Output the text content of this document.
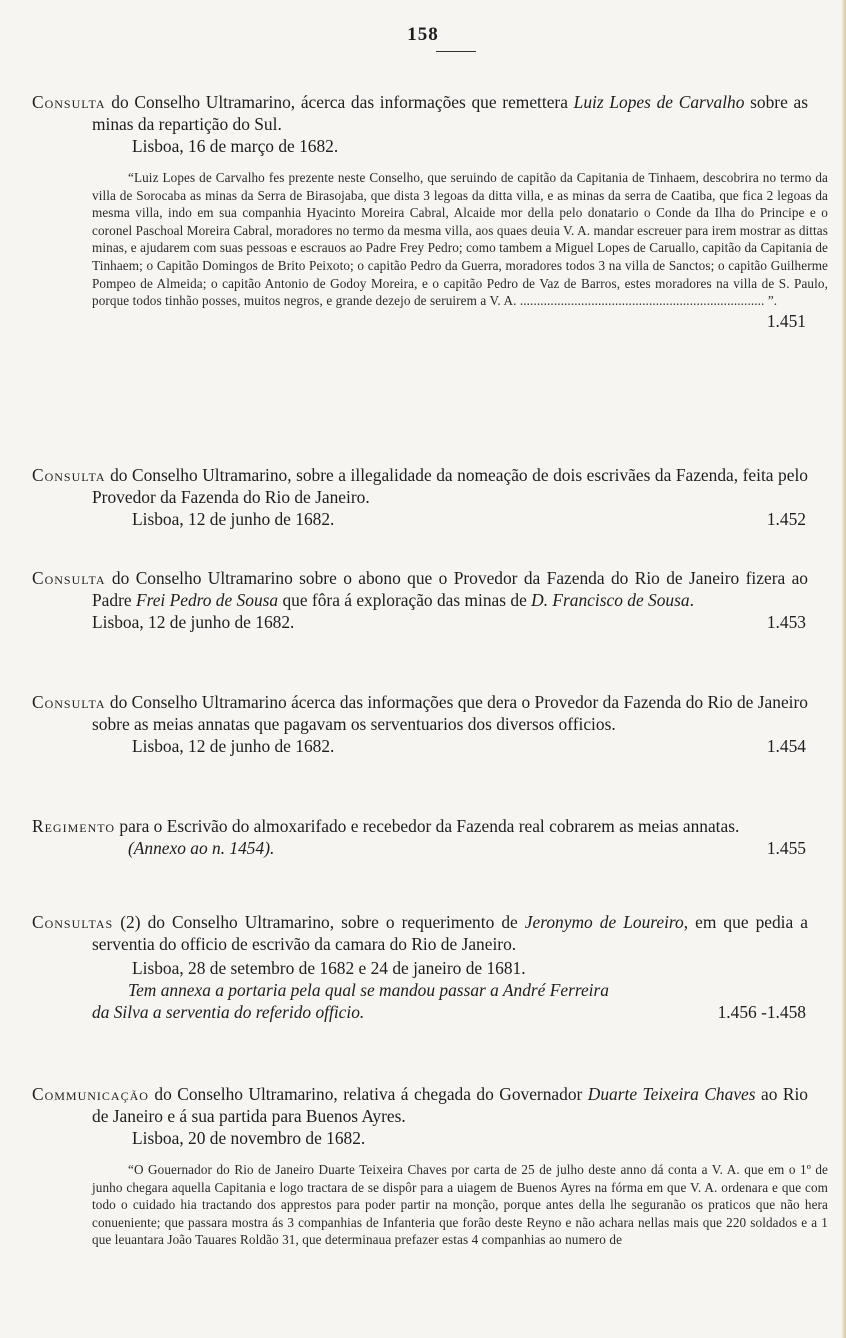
158

Consulta do Conselho Ultramarino, ácerca das informações que remettera Luiz Lopes de Carvalho sobre as minas da repartição do Sul.

Lisboa, 16 de março de 1682.
“Luiz Lopes de Carvalho fes prezente neste Conselho, que seruindo de capitão da Capitania de Tinhaem, descobrira no termo da villa de Sorocaba as minas da Serra de Birasojaba, que dista 3 legoas da ditta villa, e as minas da serra de Caatiba, que fica 2 legoas da mesma villa, indo em sua companhia Hyacinto Moreira Cabral, Alcaide mor della pelo donatario o Conde da Ilha do Principe e o coronel Paschoal Moreira Cabral, moradores no termo da mesma villa, aos quaes deuia V. A. mandar escreuer para irem mostrar as dittas minas, e ajudarem com suas pessoas e escrauos ao Padre Frey Pedro; como tambem a Miguel Lopes de Caruallo, capitão da Capitania de Tinhaem; o Capitão Domingos de Brito Peixoto; o capitão Pedro da Guerra, moradores todos 3 na villa de Sanctos; o capitão Guilherme Pompeo de Almeida; o capitão Antonio de Godoy Moreira, e o capitão Pedro de Vaz de Barros, estes moradores na villa de S. Paulo, porque todos tinhão posses, muitos negros, e grande dezejo de seruirem a V. A. ........................................................................ ”.
1.451

Consulta do Conselho Ultramarino, sobre a illegalidade da nomeação de dois escrivães da Fazenda, feita pelo Provedor da Fazenda do Rio de Janeiro.

Lisboa, 12 de junho de 1682.	1.452

Consulta do Conselho Ultramarino sobre o abono que o Provedor da Fazenda do Rio de Janeiro fizera ao Padre Frei Pedro de Sousa que fôra á exploração das minas de D. Francisco de Sousa.

Lisboa, 12 de junho de 1682.	1.453

Consulta do Conselho Ultramarino ácerca das informações que dera o Provedor da Fazenda do Rio de Janeiro sobre as meias annatas que pagavam os serventuarios dos diversos officios.

Lisboa, 12 de junho de 1682.	1.454

Regimento para o Escrivão do almoxarifado e recebedor da Fazenda real cobrarem as meias annatas.

(Annexo ao n. 1454).	1.455

Consultas (2) do Conselho Ultramarino, sobre o requerimento de Jeronymo de Loureiro, em que pedia a serventia do officio de escrivão da camara do Rio de Janeiro.

Lisboa, 28 de setembro de 1682 e 24 de janeiro de 1681.
Tem annexa a portaria pela qual se mandou passar a André Ferreira
da Silva a serventia do referido officio.	1.456 -1.458

Communicação do Conselho Ultramarino, relativa á chegada do Governador Duarte Teixeira Chaves ao Rio de Janeiro e á sua partida para Buenos Ayres.

Lisboa, 20 de novembro de 1682.
“O Gouernador do Rio de Janeiro Duarte Teixeira Chaves por carta de 25 de julho deste anno dá conta a V. A. que em o 1º de junho chegara aquella Capitania e logo tractara de se dispôr para a uiagem de Buenos Ayres na fórma em que V. A. ordenara e que com todo o cuidado hia tractando dos apprestos para poder partir na monção, porque antes della lhe seguranão os praticos que não hera conueniente; que passara mostra ás 3 companhias de Infanteria que forão deste Reyno e não achara nellas mais que 220 soldados e a 1 que leuantara João Tauares Roldão 31, que determinaua prefazer estas 4 companhias ao numero de
